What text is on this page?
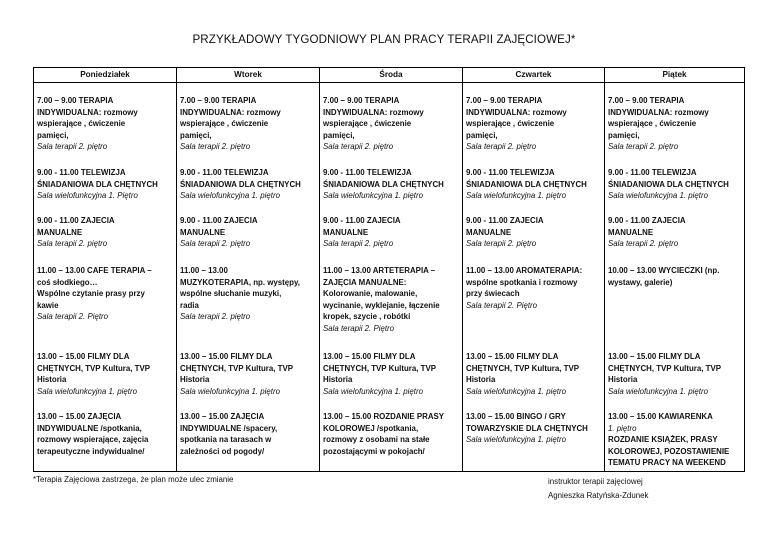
PRZYKŁADOWY TYGODNIOWY PLAN PRACY TERAPII ZAJĘCIOWEJ*
Poniedziałek
7.00 – 9.00 TERAPIA
INDYWIDUALNA: rozmowy
wspierające , ćwiczenie
pamięci,
Sala terapii 2. piętro
9.00 - 11.00 TELEWIZJA
ŚNIADANIOWA DLA CHĘTNYCH
Sala wielofunkcyjna 1. Piętro
9.00 - 11.00 ZAJECIA
MANUALNE
Sala terapii 2. piętro
11.00 – 13.00 CAFE TERAPIA –
coś słodkiego…
Wspólne czytanie prasy przy
kawie
Sala terapii 2. Piętro
13.00 – 15.00 FILMY DLA
CHĘTNYCH, TVP Kultura, TVP
Historia
Sala wielofunkcyjna 1. piętro
13.00 – 15.00 ZAJĘCIA
INDYWIDUALNE /spotkania,
rozmowy wspierające, zajęcia
terapeutyczne indywidualne/
Wtorek
7.00 – 9.00 TERAPIA
INDYWIDUALNA: rozmowy
wspierające , ćwiczenie
pamięci,
Sala terapii 2. piętro
9.00 - 11.00 TELEWIZJA
ŚNIADANIOWA DLA CHĘTNYCH
Sala wielofunkcyjna 1. piętro
9.00 - 11.00 ZAJECIA
MANUALNE
Sala terapii 2. piętro
11.00 – 13.00
MUZYKOTERAPIA, np. występy,
wspólne słuchanie muzyki,
radia
Sala terapii 2. piętro
13.00 – 15.00 FILMY DLA
CHĘTNYCH, TVP Kultura, TVP
Historia
Sala wielofunkcyjna 1. piętro
13.00 – 15.00 ZAJĘCIA
INDYWIDUALNE /spacery,
spotkania na tarasach w
zależności od pogody/
Środa
7.00 – 9.00 TERAPIA
INDYWIDUALNA: rozmowy
wspierające , ćwiczenie
pamięci,
Sala terapii 2. piętro
9.00 - 11.00 TELEWIZJA
ŚNIADANIOWA DLA CHĘTNYCH
Sala wielofunkcyjna 1. piętro
9.00 - 11.00 ZAJECIA
MANUALNE
Sala terapii 2. piętro
11.00 – 13.00 ARTETERAPIA –
ZAJĘCIA MANUALNE:
Kolorowanie, malowanie,
wycinanie, wyklejanie, łączenie
kropek, szycie , robótki
Sala terapii 2. Piętro
13.00 – 15.00 FILMY DLA
CHĘTNYCH, TVP Kultura, TVP
Historia
Sala wielofunkcyjna 1. piętro
13.00 – 15.00 ROZDANIE PRASY
KOLOROWEJ /spotkania,
rozmowy z osobami na stałe
pozostającymi w pokojach/
Czwartek
7.00 – 9.00 TERAPIA
INDYWIDUALNA: rozmowy
wspierające , ćwiczenie
pamięci,
Sala terapii 2. piętro
9.00 - 11.00 TELEWIZJA
ŚNIADANIOWA DLA CHĘTNYCH
Sala wielofunkcyjna 1. piętro
9.00 - 11.00 ZAJECIA
MANUALNE
Sala terapii 2. piętro
11.00 – 13.00 AROMATERAPIA:
wspólne spotkania i rozmowy
przy świecach
Sala terapii 2. Piętro
13.00 – 15.00 FILMY DLA
CHĘTNYCH, TVP Kultura, TVP
Historia
Sala wielofunkcyjna 1. piętro
13.00 – 15.00 BINGO / GRY
TOWARZYSKIE DLA CHĘTNYCH
Sala wielofunkcyjna 1. piętro
Piątek
7.00 – 9.00 TERAPIA
INDYWIDUALNA: rozmowy
wspierające , ćwiczenie
pamięci,
Sala terapii 2. piętro
9.00 - 11.00 TELEWIZJA
ŚNIADANIOWA DLA CHĘTNYCH
Sala wielofunkcyjna 1. piętro
9.00 - 11.00 ZAJECIA
MANUALNE
Sala terapii 2. piętro
10.00 – 13.00 WYCIECZKI (np.
wystawy, galerie)
13.00 – 15.00 FILMY DLA
CHĘTNYCH, TVP Kultura, TVP
Historia
Sala wielofunkcyjna 1. piętro
13.00 – 15.00 KAWIARENKA
1. piętro
ROZDANIE KSIĄŻEK, PRASY
KOLOROWEJ, POZOSTAWIENIE
TEMATU PRACY NA WEEKEND
*Terapia Zajęciowa zastrzega, że plan może ulec zmianie	instruktor terapii zajęciowej
Agnieszka Ratyńska-Zdunek
